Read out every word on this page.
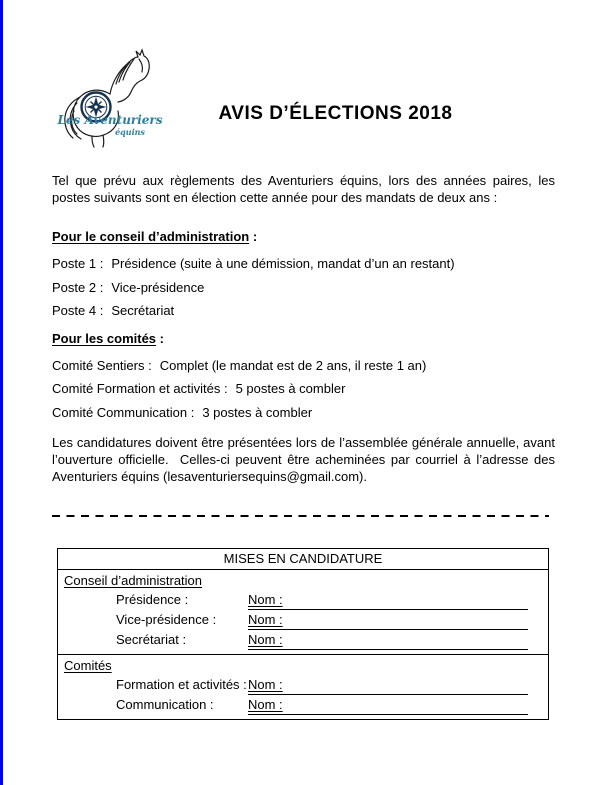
Les Aventuriers
équins
AVIS D’ÉLECTIONS 2018

Tel que prévu aux règlements des Aventuriers équins, lors des années paires, les postes suivants sont en élection cette année pour des mandats de deux ans :

Pour le conseil d’administration :

Poste 1 : Présidence (suite à une démission, mandat d’un an restant)
Poste 2 : Vice-présidence
Poste 4 : Secrétariat

Pour les comités :

Comité Sentiers : Complet (le mandat est de 2 ans, il reste 1 an)
Comité Formation et activités : 5 postes à combler
Comité Communication : 3 postes à combler

Les candidatures doivent être présentées lors de l’assemblée générale annuelle, avant l’ouverture officielle.  Celles-ci peuvent être acheminées par courriel à l’adresse des Aventuriers équins (lesaventuriersequins@gmail.com).

MISES EN CANDIDATURE
Conseil d’administration
Présidence :	Nom :
Vice-présidence :	Nom :
Secrétariat :	Nom :
Comités
Formation et activités : Nom :
Communication :	Nom :
